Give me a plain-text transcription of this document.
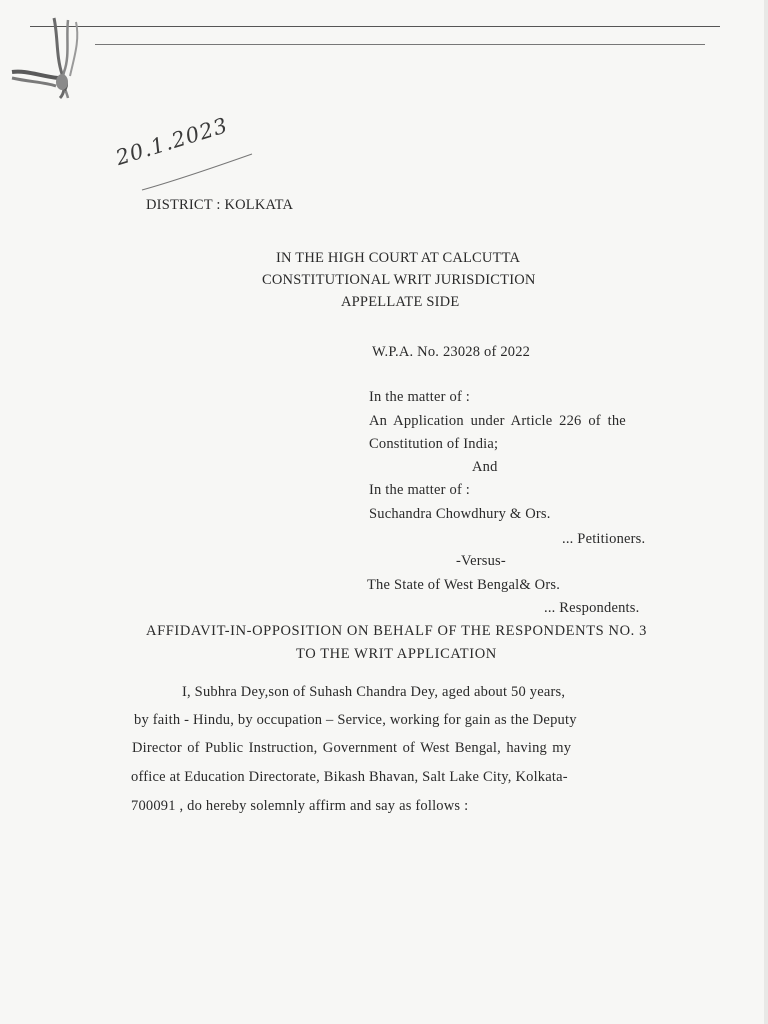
20.1.2023
DISTRICT : KOLKATA
IN THE HIGH COURT AT CALCUTTA
CONSTITUTIONAL WRIT JURISDICTION
APPELLATE SIDE
W.P.A. No. 23028 of 2022
In the matter of :
An Application under Article 226 of the
Constitution of India;
And
In the matter of :
Suchandra Chowdhury & Ors.
... Petitioners.
-Versus-
The State of West Bengal& Ors.
... Respondents.
AFFIDAVIT-IN-OPPOSITION ON BEHALF OF THE RESPONDENTS NO. 3
TO THE WRIT APPLICATION
I, Subhra Dey,son of Suhash Chandra Dey, aged about 50 years,
by faith - Hindu, by occupation – Service, working for gain as the Deputy
Director of Public Instruction, Government of West Bengal, having my
office at Education Directorate, Bikash Bhavan, Salt Lake City, Kolkata-
700091 , do hereby solemnly affirm and say as follows :
